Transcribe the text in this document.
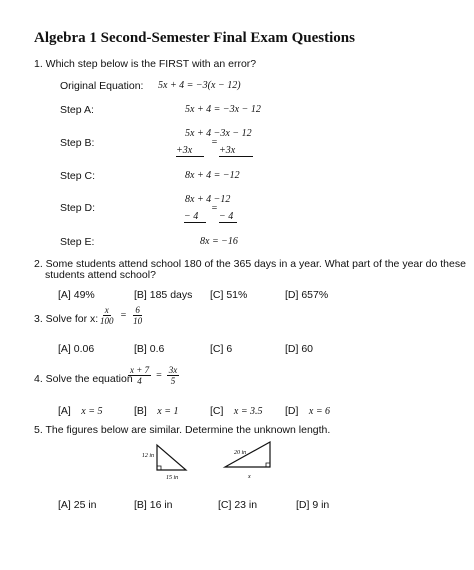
Algebra 1 Second-Semester Final Exam Questions
1. Which step below is the FIRST with an error?
Original Equation: 5x + 4 = −3(x − 12)
Step A:	5x + 4 = −3x − 12
Step B:
5x + 4 −3x − 12
=
+3x	+3x
Step C:	8x + 4 = −12
Step D:
8x + 4 −12
=
− 4	− 4
Step E:	8x = −16
2. Some students attend school 180 of the 365 days in a year. What part of the year do these
students attend school?
[A] 49%	[B] 185 days [C] 51%	[D] 657%
3. Solve for x: $\frac{x}{100} = \frac{6}{10}$
[A] 0.06	[B] 0.6	[C] 6	[D] 60
4. Solve the equation
$\frac{x + 7}{4} = \frac{3x}{5}$
[A] x = 5	[B] x = 1	[C] x = 3.5 [D] x = 6
5. The figures below are similar. Determine the unknown length.
12 in
15 in
20 in
x
[A] 25 in	[B] 16 in	[C] 23 in	[D] 9 in
